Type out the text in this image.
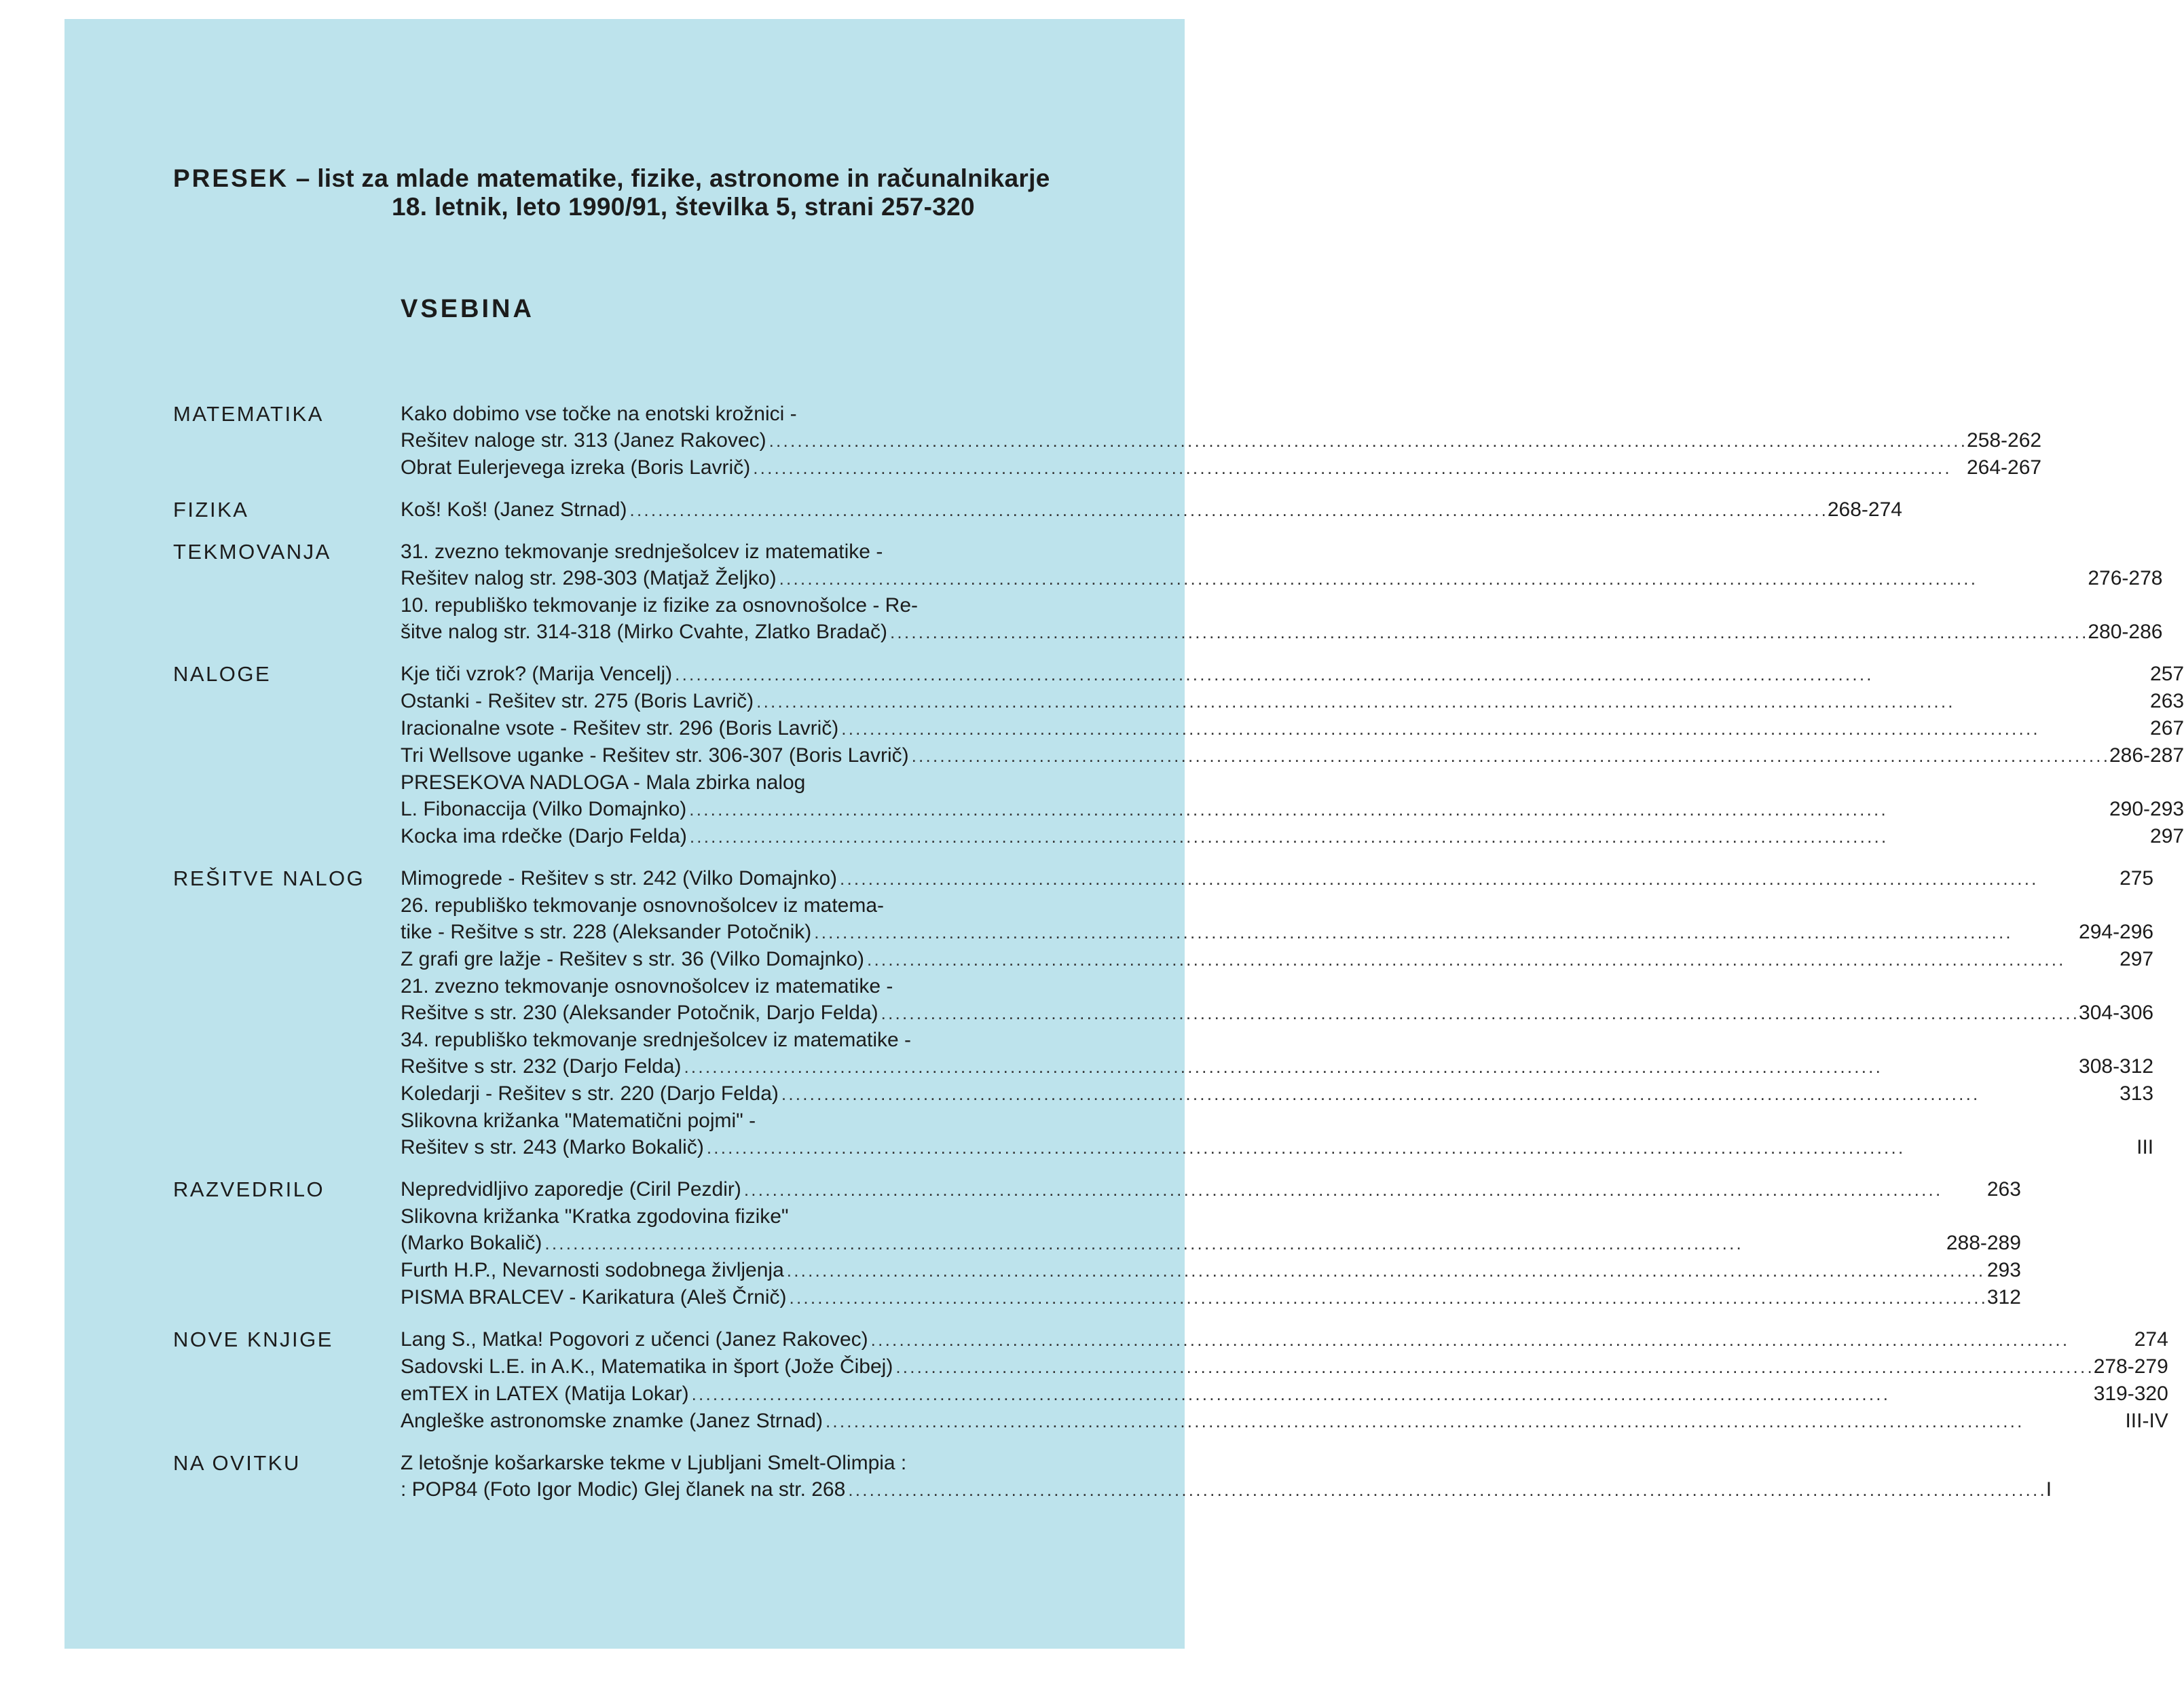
PRESEK – list za mlade matematike, fizike, astronome in računalnikarje
18. letnik, leto 1990/91, številka 5, strani 257-320
VSEBINA
MATEMATIKA	Kako dobimo vse točke na enotski krožnici -
Rešitev naloge str. 313 (Janez Rakovec) . . .	258-262
Obrat Eulerjevega izreka (Boris Lavrič) . . .	264-267
FIZIKA	Koš! Koš! (Janez Strnad) . . .	268-274
TEKMOVANJA	31. zvezno tekmovanje srednješolcev iz matematike -
Rešitev nalog str. 298-303 (Matjaž Željko) . . .	276-278
10. republiško tekmovanje iz fizike za osnovnošolce - Re-
šitve nalog str. 314-318 (Mirko Cvahte, Zlatko Bradač) . . .	280-286
NALOGE	Kje tiči vzrok? (Marija Vencelj) . . .	257
Ostanki - Rešitev str. 275 (Boris Lavrič) . . .	263
Iracionalne vsote - Rešitev str. 296 (Boris Lavrič) . . .	267
Tri Wellsove uganke - Rešitev str. 306-307 (Boris Lavrič) . . .	286-287
PRESEKOVA NADLOGA - Mala zbirka nalog
L. Fibonaccija (Vilko Domajnko) . . .	290-293
Kocka ima rdečke (Darjo Felda) . . .	297
REŠITVE NALOG	Mimogrede - Rešitev s str. 242 (Vilko Domajnko) . . .	275
26. republiško tekmovanje osnovnošolcev iz matema-
tike - Rešitve s str. 228 (Aleksander Potočnik) . . .	294-296
Z grafi gre lažje - Rešitev s str. 36 (Vilko Domajnko) . . .	297
21. zvezno tekmovanje osnovnošolcev iz matematike -
Rešitve s str. 230 (Aleksander Potočnik, Darjo Felda) . . .	304-306
34. republiško tekmovanje srednješolcev iz matematike -
Rešitve s str. 232 (Darjo Felda) . . .	308-312
Koledarji - Rešitev s str. 220 (Darjo Felda) . . .	313
Slikovna križanka "Matematični pojmi" -
Rešitev s str. 243 (Marko Bokalič) . . .	III
RAZVEDRILO	Nepredvidljivo zaporedje (Ciril Pezdir) . . .	263
Slikovna križanka "Kratka zgodovina fizike"
(Marko Bokalič) . . .	288-289
Furth H.P., Nevarnosti sodobnega življenja . . .	293
PISMA BRALCEV - Karikatura (Aleš Črnič) . . .	312
NOVE KNJIGE	Lang S., Matka! Pogovori z učenci (Janez Rakovec) . . .	274
Sadovski L.E. in A.K., Matematika in šport (Jože Čibej) . . .	278-279
emTEX in LATEX (Matija Lokar) . . .	319-320
Angleške astronomske znamke (Janez Strnad) . . .	III-IV
NA OVITKU	Z letošnje košarkarske tekme v Ljubljani Smelt-Olimpia :
: POP84 (Foto Igor Modic) Glej članek na str. 268 . . .	I
